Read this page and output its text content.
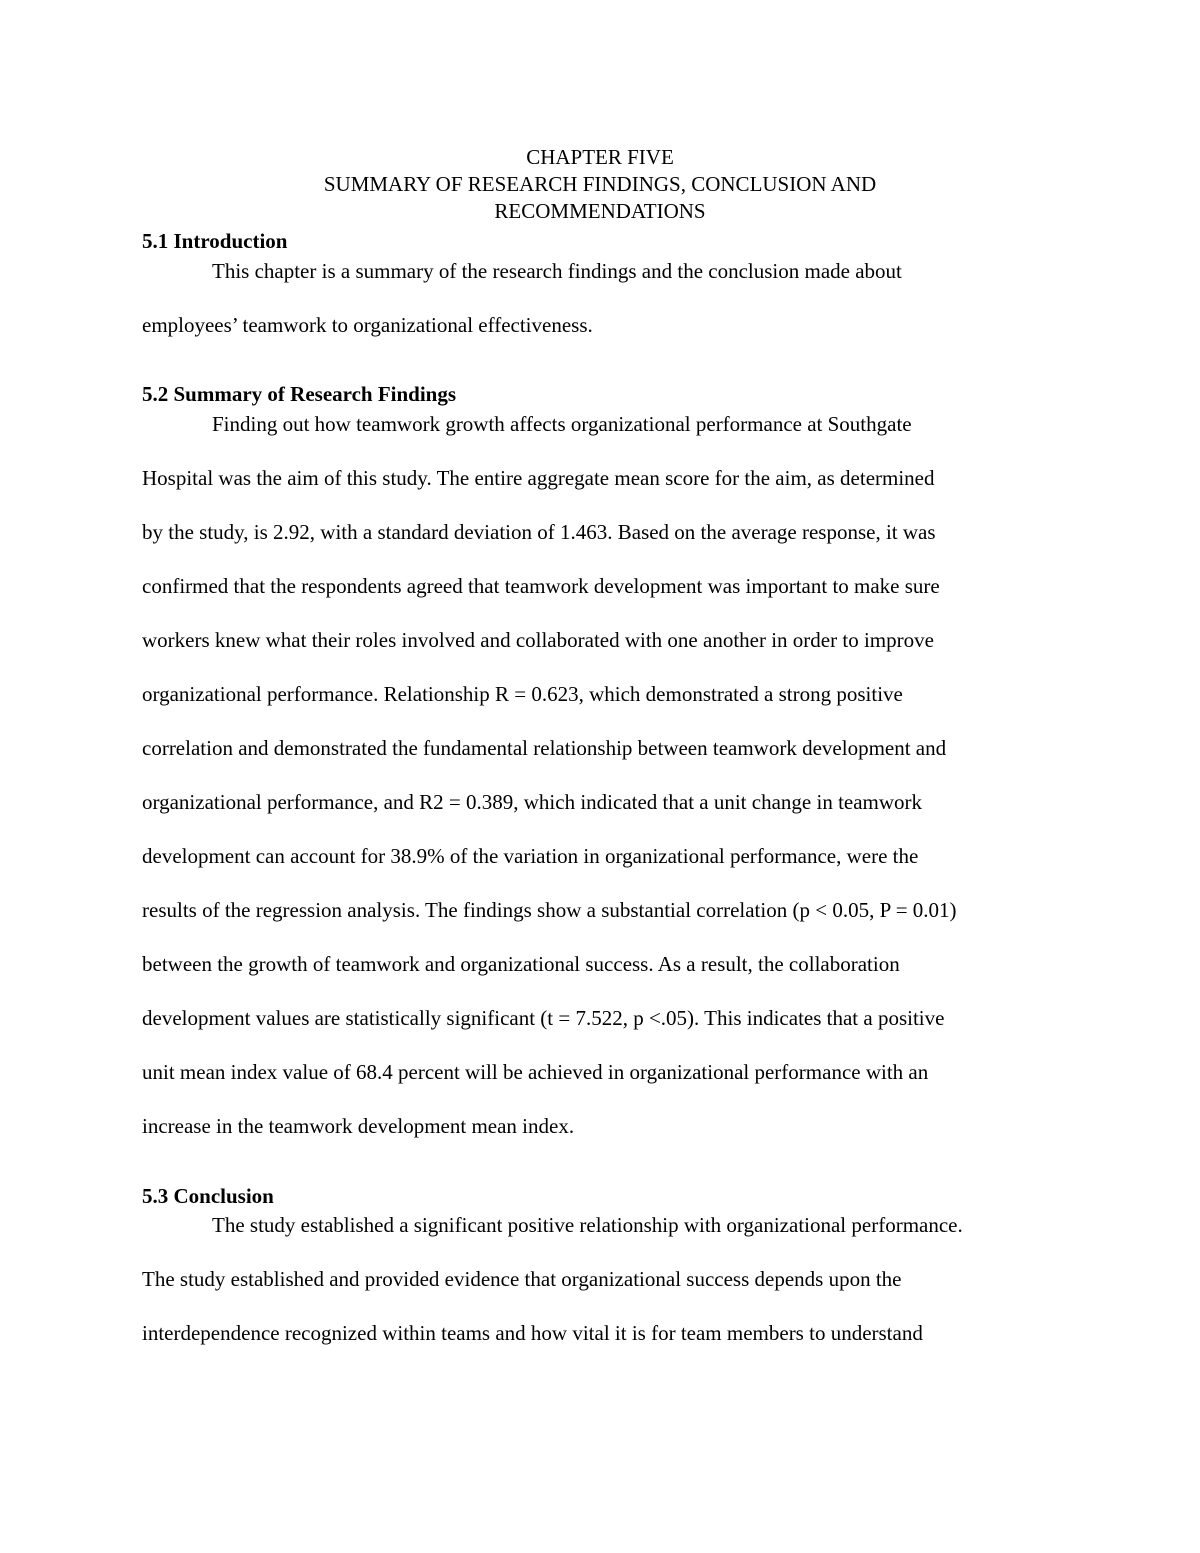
CHAPTER FIVE
SUMMARY OF RESEARCH FINDINGS, CONCLUSION AND
RECOMMENDATIONS
5.1 Introduction
This chapter is a summary of the research findings and the conclusion made about
employees’ teamwork to organizational effectiveness.
5.2 Summary of Research Findings
Finding out how teamwork growth affects organizational performance at Southgate
Hospital was the aim of this study. The entire aggregate mean score for the aim, as determined
by the study, is 2.92, with a standard deviation of 1.463. Based on the average response, it was
confirmed that the respondents agreed that teamwork development was important to make sure
workers knew what their roles involved and collaborated with one another in order to improve
organizational performance. Relationship R = 0.623, which demonstrated a strong positive
correlation and demonstrated the fundamental relationship between teamwork development and
organizational performance, and R2 = 0.389, which indicated that a unit change in teamwork
development can account for 38.9% of the variation in organizational performance, were the
results of the regression analysis. The findings show a substantial correlation (p < 0.05, P = 0.01)
between the growth of teamwork and organizational success. As a result, the collaboration
development values are statistically significant (t = 7.522, p <.05). This indicates that a positive
unit mean index value of 68.4 percent will be achieved in organizational performance with an
increase in the teamwork development mean index.
5.3 Conclusion
The study established a significant positive relationship with organizational performance.
The study established and provided evidence that organizational success depends upon the
interdependence recognized within teams and how vital it is for team members to understand
